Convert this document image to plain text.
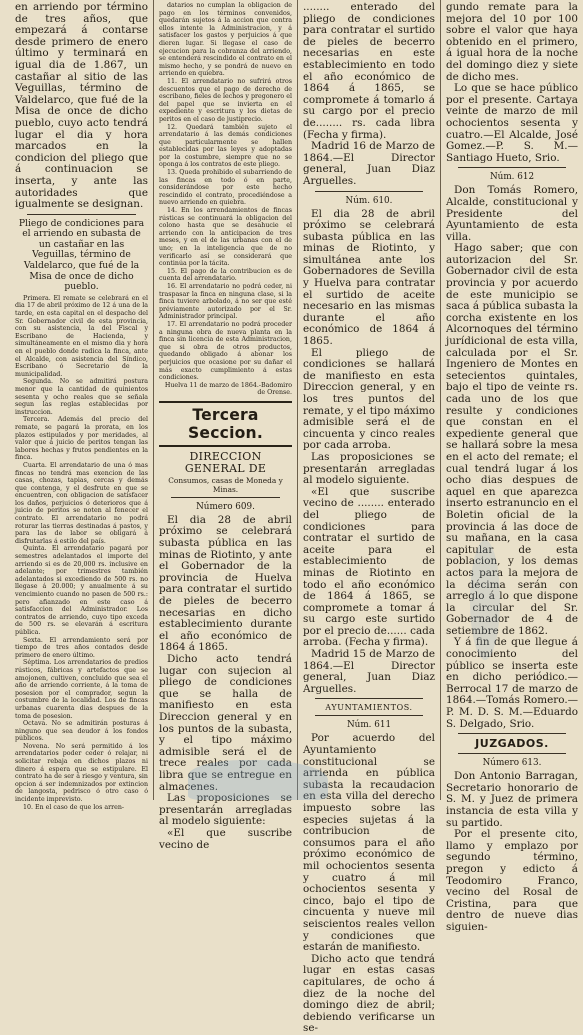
en arriendo por término de tres años, que empezará á contarse desde primero de enero último y terminará en igual dia de 1.867, un castañar al sitio de las Veguillas, término de Valdelarco, que fué de la Misa de once de dicho pueblo, cuyo acto tendrá lugar el dia y hora marcados en la condicion del pliego que á continuacion se inserta, y ante las autoridades que igualmente se designan.

Pliego de condiciones para el arriendo en subasta de un castañar en las Veguillas, término de Valdelarco, que fué de la Misa de once de dicho pueblo.

Primera. El remate se celebrará en el dia 17 de abril próximo de 12 á una de la tarde, en esta capital en el despacho del Sr. Gobernador civil de esta provincia, con su asistencia, la del Fiscal y Escribano de Hacienda, y simultáneamente en el mismo dia y hora en el pueblo donde radica la finca, ante el Alcalde, con asistencia del Síndico, Escribano ó Secretario de la municipalidad.

Segunda. No se admitirá postura menor que la cantidad de quinientos sesenta y ocho reales que se señala segun las reglas establecidas por instruccion.

Tercera. Además del precio del remate, se pagará la prorata, en los plazos estipulados y por meridades, al valor que á juicio de peritos tengan las labores hechas y frutos pendientes en la finca.

Cuarta. El arrendatario de una ó mas fincas no tendrá mas exencion de las casas, chozas, tapias, cercas y demás que contenga, y el desfrute en que se encuentren, con obligacion de satisfacer los daños, perjuicios ó deterioros que á juicio de peritos se noten al fenecer el contrato. El arrendatario no podrá roturar las tierras destinadas á pastos, y para las de labor se obligará á disfrutarlas á estilo del país.

Quinta. El arrendatario pagará por semestres adelantados el importe del arriendo si es de 20,000 rs. inclusive en adelante; por trimestres también adelantados si excediendo de 500 rs. no llegase á 20.000; y anualmente á su vencimiento cuando no pasen de 500 rs.: pero afianzado en este caso á satisfaccion del Administrador. Los contratos de arriendo, cuyo tipo exceda de 500 rs. se elevarán á escritura pública.

Sexta. El arrendamiento será por tiempo de tres años contados desde primero de enero último.

Séptima. Los arrendatarios de predios rústicos, fábricas y artefactos que se amojonen, cultiven, concluido que sea el año de arriendo corriente, á la toma de posesion por el comprador, segun la costumbre de la localidad. Los de fincas urbanas cuarenta dias despues de la toma de posesion.

Octava. No se admitirán posturas á ninguno que sea deudor á los fondos públicos.

Novena. No será permitido á los arrendatarios poder ceder ó relajar, ni solicitar rebaja en dichos plazos ni dinero á espera que se estipulare. El contrato ha de ser á riesgo y ventura, sin opcion á ser indemnizados por extincion de langosta, pedrisco ó otro caso ó incidente imprevisto.

10. En el caso de que los arren-

datarios no cumplan la obligacion de pago en los términos convenidos, quedarán sujetos á la accion que contra ellos intente la Administracion, y á satisfacer los gastos y perjuicios á que dieren lugar. Si llegase el caso de ejecucion para la cobranza del arriendo, se entenderá rescindido el contrato en el mismo hecho, y se pondrá de nuevo en arriendo en quiebra.

11. El arrendatario no sufrirá otros descuentos que el pago de derecho de escribano, fieles de lechos y pregonero el del papel que se invierta en el expediente y escritura y los dietas de peritos en el caso de justiprecio.

12. Quedará también sujeto el arrendatario á las demás condiciones que particularmente se hallen establecidas por las leyes y adoptadas por la costumbre, siempre que no se oponga á los contratos de este pliego.

13. Queda prohibido el subarriendo de las fincas en todo ó en parte, considerándose por este hecho rescindido el contrato, procediéndose a nuevo arriendo en quiebra.

14. En los arrendamientos de fincas rústicas se continuará la obligacion del colono hasta que se desahucie el arriendo con la anticipacion de tres meses, y en el de las urbanas con el de uno; en la inteligencia que de no verificarlo así se considerará que continúa por la tácita.

15. El pago de la contribucion es de cuenta del arrendatario.

16. El arrendatario no podrá ceder, ni traspasar la finca en ninguna clase, si la finca tuviere arbolado, á no ser que esté préviamente autorizado por el Sr. Administrador principal.

17. El arrendatario no podrá proceder a ninguna obra de nueva planta en la finca sin licencia de esta Administracion, que si obra de otros productos, quedando obligado á abonar los perjuicios que ocasione por su dañar el más exacto cumplimiento á estas condiciones.

Huelva 11 de marzo de 1864.-Badomiro de Orense.

Tercera Seccion.
DIRECCION GENERAL DE
Consumos, casas de Moneda y Minas.

Número 609.

El dia 28 de abril próximo se celebrará subasta pública en las minas de Riotinto, y ante el Gobernador de la provincia de Huelva para contratar el surtido de pieles de becerro necesarias en dicho establecimiento durante el año económico de 1864 á 1865.

Dicho acto tendrá lugar con sujecion al pliego de condiciones que se halla de manifiesto en esta Direccion general y en los puntos de la subasta, y el tipo máximo admisible será el de trece reales por cada libra que se entregue en almacenes.

Las proposiciones se presentarán arregladas al modelo siguiente:

«El que suscribe vecino de

........ enterado del pliego de condiciones para contratar el surtido de pieles de becerro necesarias en este establecimiento en todo el año económico de 1864 á 1865, se compromete á tomarlo á su cargo por el precio de........ rs. cada libra (Fecha y firma).

Madrid 16 de Marzo de 1864.—El Director general, Juan Diaz Arguelles.

Núm. 610.

El dia 28 de abril próximo se celebrará subasta pública en las minas de Riotinto, y simultánea ante los Gobernadores de Sevilla y Huelva para contratar el surtido de aceite necesario en las mismas durante el año económico de 1864 á 1865.

El pliego de condiciones se hallará de manifiesto en esta Direccion general, y en los tres puntos del remate, y el tipo máximo admisible será el de cincuenta y cinco reales por cada arroba.

Las proposiciones se presentarán arregladas al modelo siguiente.

«El que suscribe vecino de ........ enterado del pliego de condiciones para contratar el surtido de aceite para el establecimiento de minas de Riotinto en todo el año económico de 1864 á 1865, se compromete a tomar á su cargo este surtido por el precio de...... cada arroba. (Fecha y firma).

Madrid 15 de Marzo de 1864.—El Director general, Juan Diaz Arguelles.

AYUNTAMIENTOS.

Núm. 611

Por acuerdo del Ayuntamiento constitucional se arrienda en pública subasta la recaudacion en esta villa del derecho impuesto sobre las especies sujetas á la contribucion de consumos para el año próximo económico de mil ochocientos sesenta y cuatro á mil ochocientos sesenta y cinco, bajo el tipo de cincuenta y nueve mil seiscientos reales vellon y condiciones que estarán de manifiesto.

Dicho acto que tendrá lugar en estas casas capitulares, de ocho á diez de la noche del domingo diez de abril; debiendo verificarse un se-

gundo remate para la mejora del 10 por 100 sobre el valor que haya obtenido en el primero, á igual hora de la noche del domingo diez y siete de dicho mes.

Lo que se hace público por el presente. Cartaya veinte de marzo de mil ochocientos sesenta y cuatro.—El Alcalde, José Gomez.—P. S. M.— Santiago Hueto, Srio.

Núm. 612

Don Tomás Romero, Alcalde, constitucional y Presidente del Ayuntamiento de esta villa.

Hago saber; que con autorizacion del Sr. Gobernador civil de esta provincia y por acuerdo de este municipio se saca á pública subasta la corcha existente en los Alcornoques del término jurídicional de esta villa, calculada por el Sr. Ingeniero de Montes en setecientos quintales, bajo el tipo de veinte rs. cada uno de los que resulte y condiciones que constan en el expediente general que se hallará sobre la mesa en el acto del remate; el cual tendrá lugar á los ocho dias despues de aquel en que aparezca inserto estranuncio en el Boletin oficial de la provincia á las doce de su mañana, en la casa capitular de esta poblacion, y los demas actos para la mejora de la décima serán con arreglo á lo que dispone la circular del Sr. Gobernador de 4 de setiembre de 1862.

Y á fin de que llegue á conocimiento del público se inserta este en dicho periódico.—Berrocal 17 de marzo de 1864.—Tomás Romero.— P. M. D. S. M.—Eduardo S. Delgado, Srio.

JUZGADOS.

Número 613.

Don Antonio Barragan, Secretario honorario de S. M. y Juez de primera instancia de esta villa y su partido.

Por el presente cito, llamo y emplazo por segundo término, pregon y edicto á Teodomiro Franco, vecino del Rosal de Cristina, para que dentro de nueve dias siguien-
